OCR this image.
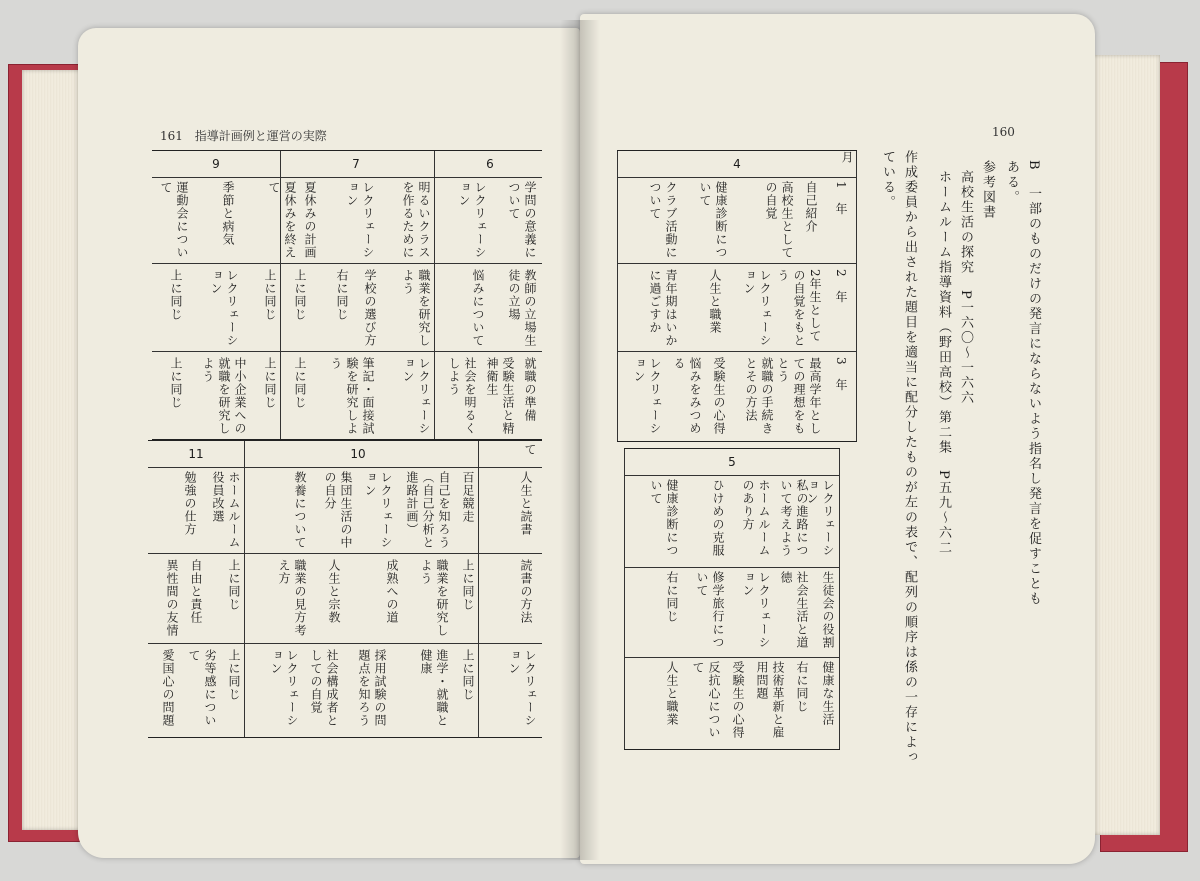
161 指導計画例と運営の実際	160
B　一部のものだけの発言にならないよう指名し発言を促すこともある。
参考図書
高校生活の探究　P一六〇〜一六六
ホームルーム指導資料（野田高校）第二集　P五九〜六二
作成委員から出された題目を適当に配分したものが左の表で、配列の順序は係の一存によっ
ている。
4	月
1　年
2　年
3　年
自己紹介
高校生としての自覚
健康診断について
クラブ活動について
2年生としての自覚をもとう
レクリェーション
人生と職業
青年期はいかに過ごすか
最高学年としての理想をもとう
就職の手続きとその方法
受験生の心得
悩みをみつめる
レクリェーション
5
レクリェーション
私の進路について考えよう
ホームルームのあり方
ひけめの克服
健康診断について
生徒会の役割
社会生活と道徳
レクリェーション
修学旅行について
右に同じ
健康な生活
右に同じ
技術革新と雇用問題
受験生の心得
反抗心について
人生と職業
6
7
9
学問の意義について
レクリェーション
明るいクラスを作るために
レクリェーション
夏休みの計画
夏休みを終えて
季節と病気
運動会について
教師の立場生徒の立場
悩みについて
職業を研究しよう
学校の選び方
右に同じ
上に同じ
上に同じ
レクリェーション
上に同じ
就職の準備
受験生活と精神衛生
社会を明るくしよう
レクリェーション
筆記・面接試験を研究しよう
上に同じ
上に同じ
中小企業への就職を研究しよう
上に同じ
10
11
人生と読書
百足競走
自己を知ろう（自己分析と進路計画）
レクリェーション
集団生活の中の自分
教養について
ホームルーム役員改選
勉強の仕方
て
読書の方法
上に同じ
職業を研究しよう
成熟への道
人生と宗教
職業の見方考え方
上に同じ
自由と責任
異性間の友情
レクリェーション
上に同じ
進学・就職と健康
採用試験の問題点を知ろう
社会構成者としての自覚
レクリェーション
上に同じ
劣等感について
愛国心の問題
